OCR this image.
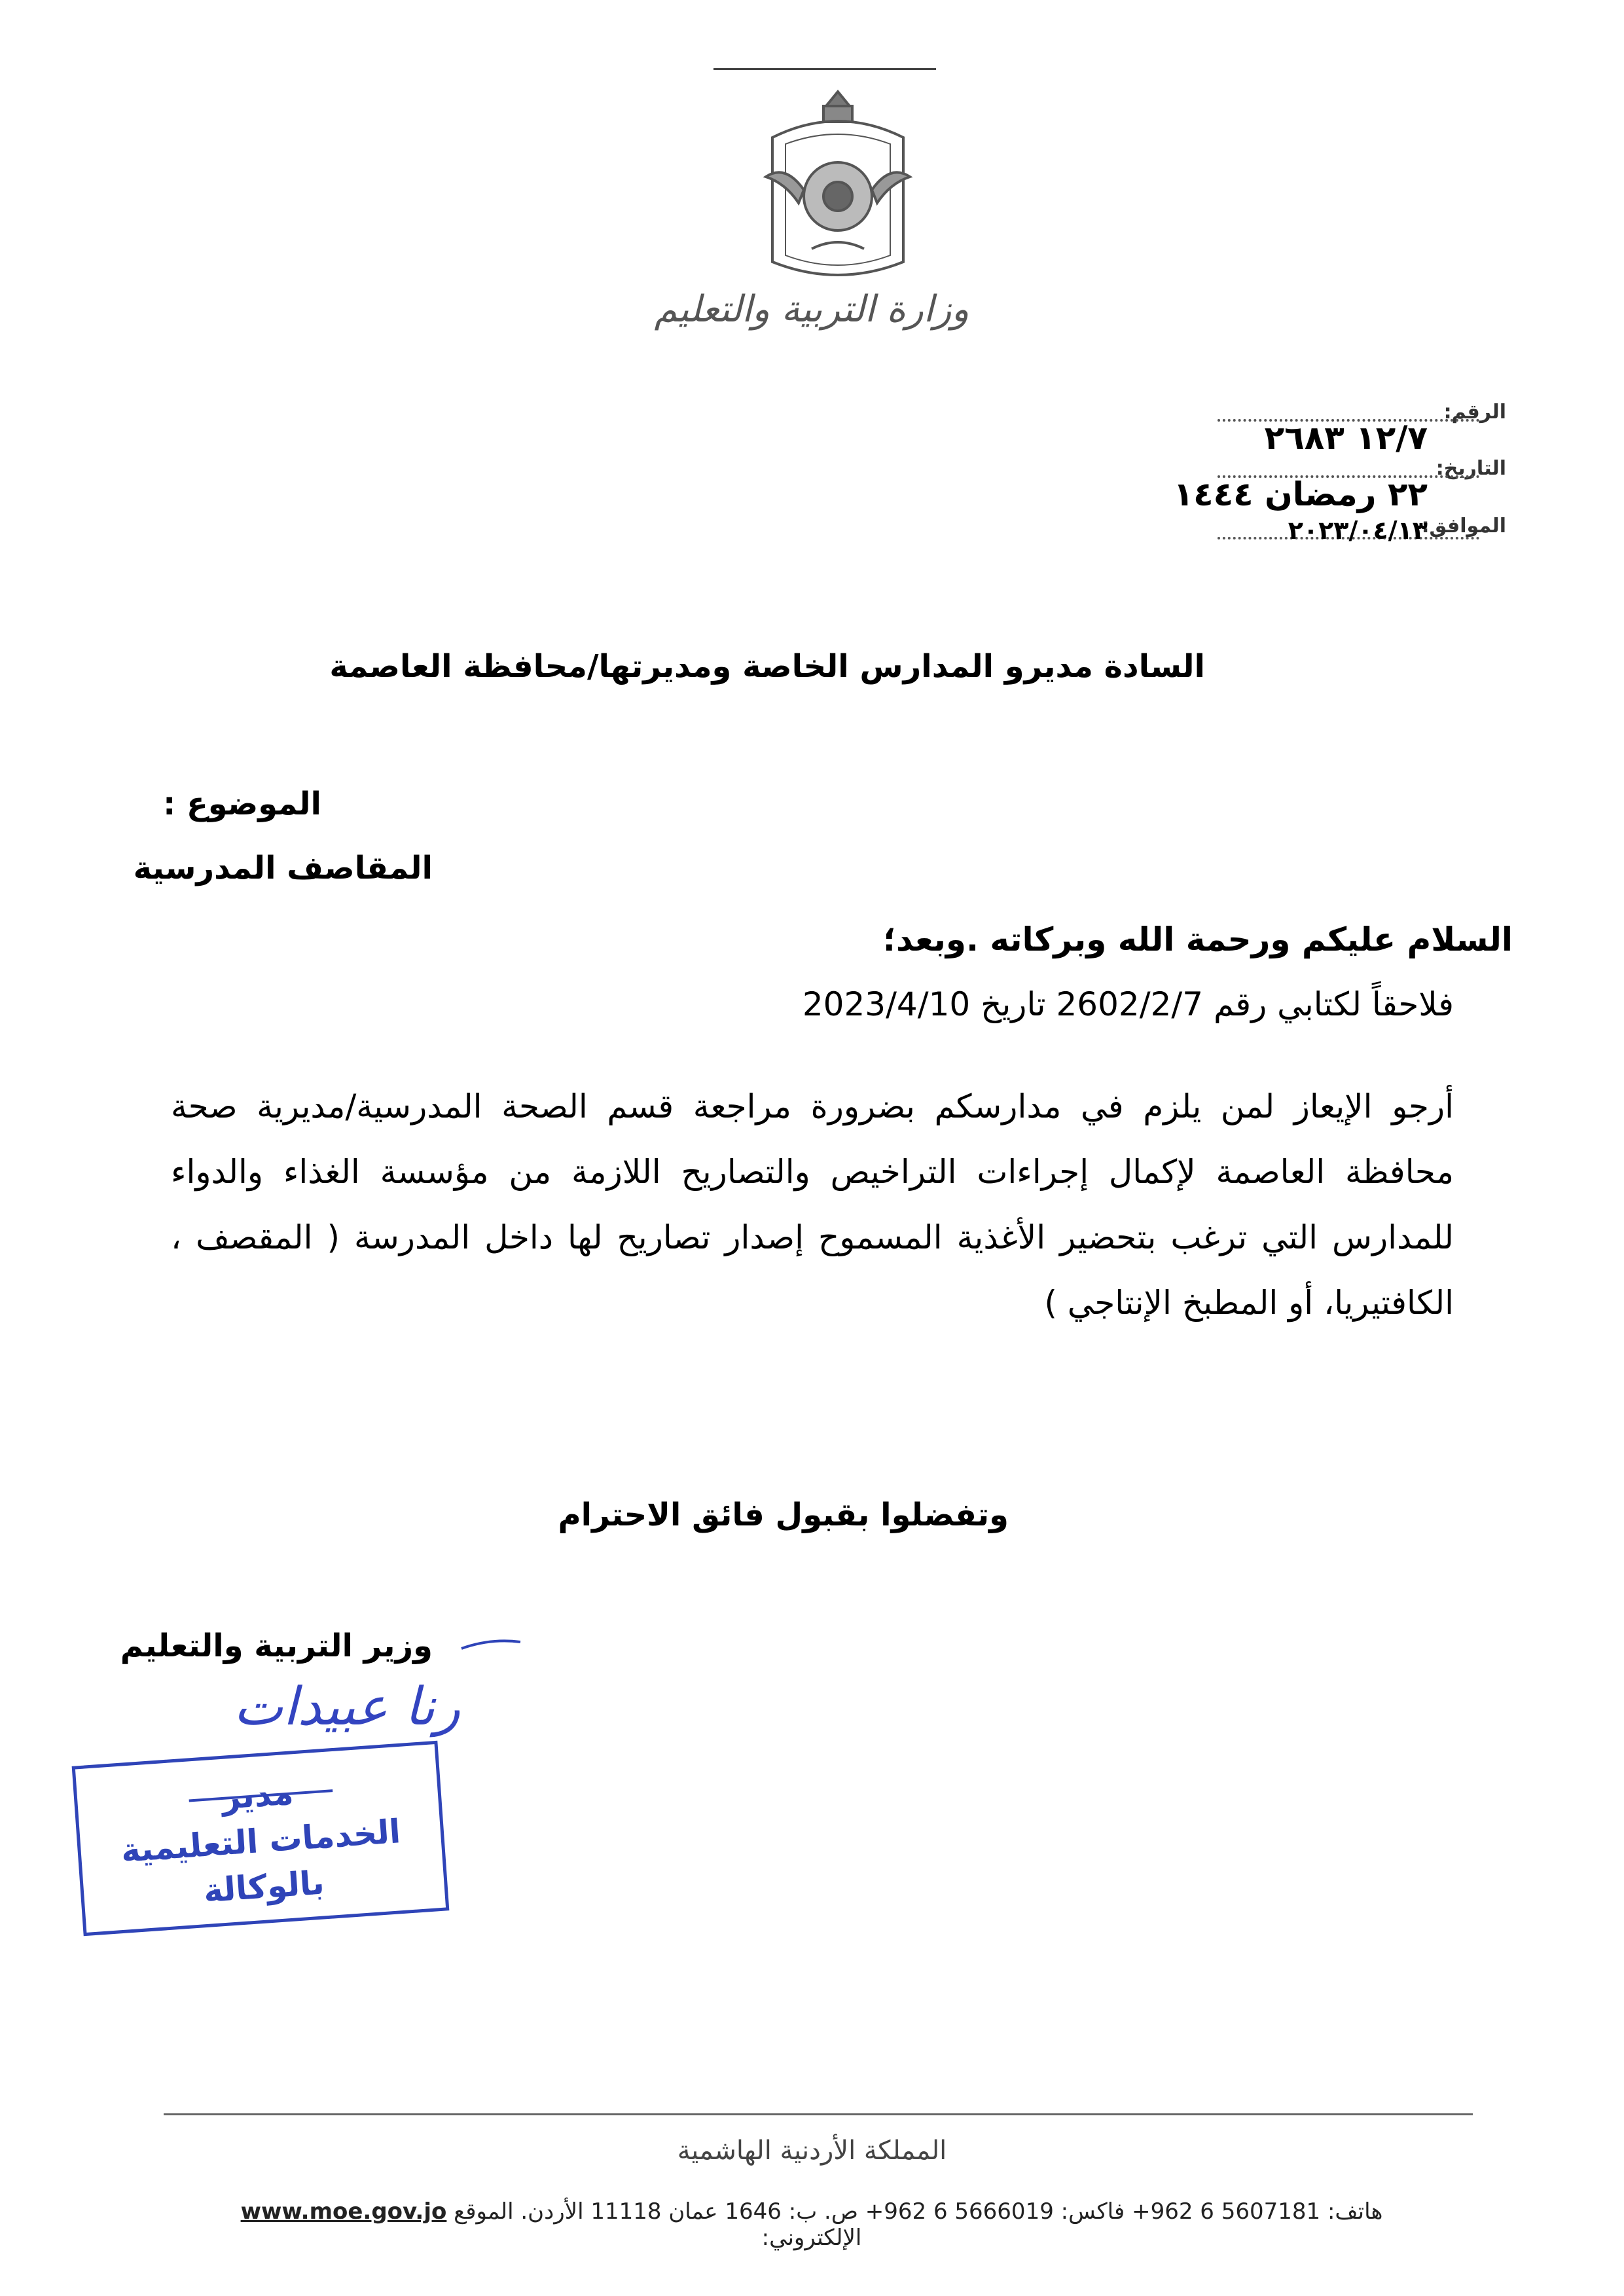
وزارة التربية والتعليم
الرقم:
١٢/٧ ٢٦٨٣
التاريخ:
٢٢ رمضان ١٤٤٤
الموافق:
٢٠٢٣/٠٤/١٣
السادة مديرو المدارس الخاصة ومديرتها/محافظة العاصمة
الموضوع :
المقاصف المدرسية
السلام عليكم ورحمة الله وبركاته .وبعد؛
فلاحقاً لكتابي رقم 2602/2/7 تاريخ 2023/4/10
أرجو الإيعاز لمن يلزم في مدارسكم بضرورة مراجعة قسم الصحة المدرسية/مديرية صحة محافظة العاصمة لإكمال إجراءات التراخيص والتصاريح اللازمة من مؤسسة الغذاء والدواء للمدارس التي ترغب بتحضير الأغذية المسموح إصدار تصاريح لها داخل المدرسة ( المقصف ، الكافتيريا، أو المطبخ الإنتاجي )
وتفضلوا بقبول فائق الاحترام
وزير التربية والتعليم
رنا عبيدات
مدير
الخدمات التعليمية
بالوكالة
المملكة الأردنية الهاشمية
www.moe.gov.jo هاتف: 5607181 6 962+ فاكس: 5666019 6 962+ ص. ب: 1646 عمان 11118 الأردن. الموقع الإلكتروني:
